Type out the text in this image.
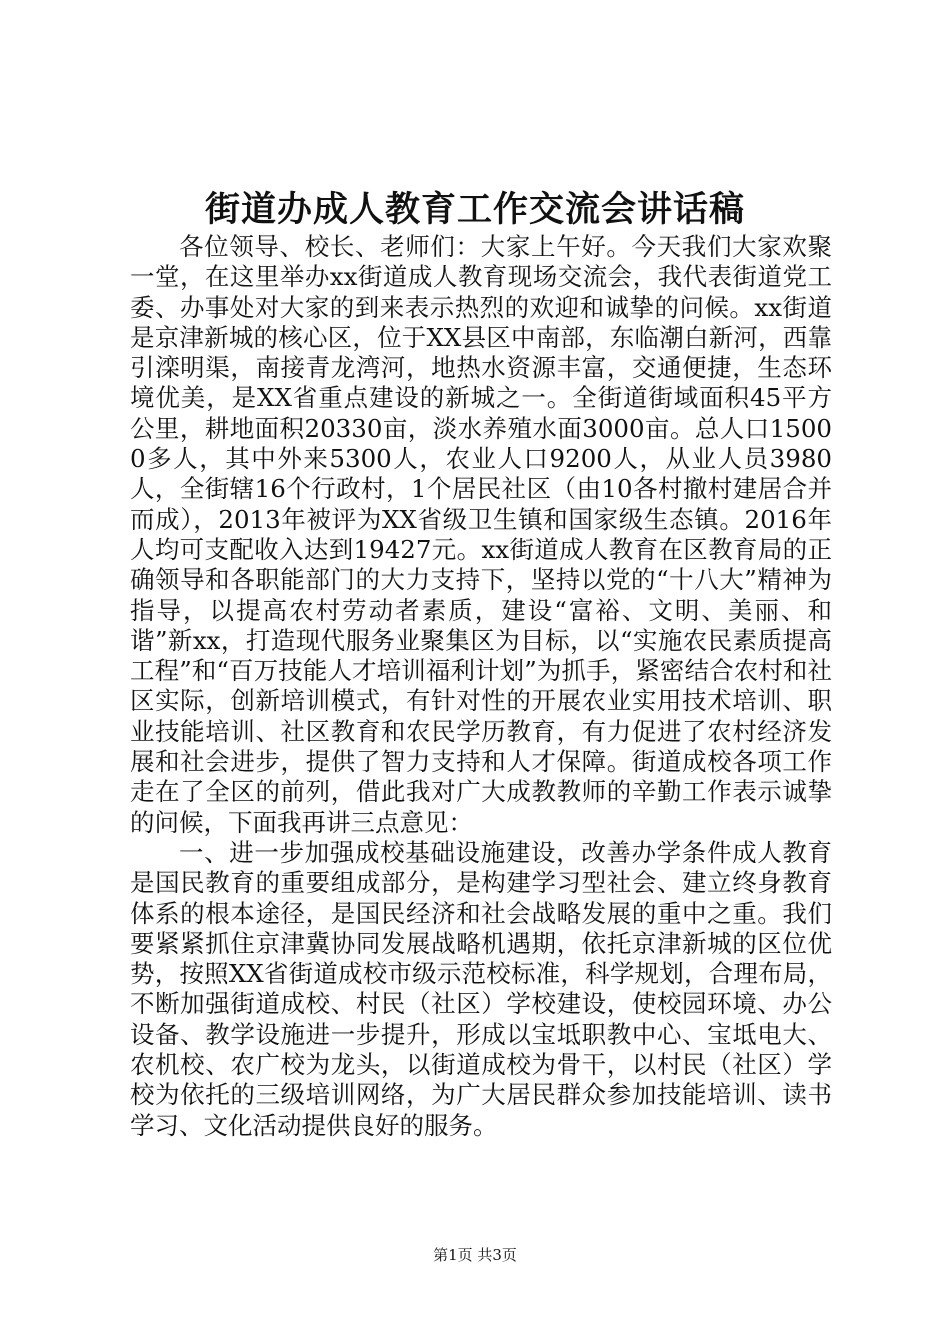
街道办成人教育工作交流会讲话稿

各位领导、校长、老师们：大家上午好。今天我们大家欢聚一堂，在这里举办xx街道成人教育现场交流会，我代表街道党工委、办事处对大家的到来表示热烈的欢迎和诚挚的问候。xx街道是京津新城的核心区，位于XX县区中南部，东临潮白新河，西靠引滦明渠，南接青龙湾河，地热水资源丰富，交通便捷，生态环境优美，是XX省重点建设的新城之一。全街道街域面积45平方公里，耕地面积20330亩，淡水养殖水面3000亩。总人口15000多人，其中外来5300人，农业人口9200人，从业人员3980人，全街辖16个行政村，1个居民社区（由10各村撤村建居合并而成），2013年被评为XX省级卫生镇和国家级生态镇。2016年人均可支配收入达到19427元。xx街道成人教育在区教育局的正确领导和各职能部门的大力支持下，坚持以党的“十八大”精神为指导，以提高农村劳动者素质，建设“富裕、文明、美丽、和谐”新xx，打造现代服务业聚集区为目标，以“实施农民素质提高工程”和“百万技能人才培训福利计划”为抓手，紧密结合农村和社区实际，创新培训模式，有针对性的开展农业实用技术培训、职业技能培训、社区教育和农民学历教育，有力促进了农村经济发展和社会进步，提供了智力支持和人才保障。街道成校各项工作走在了全区的前列，借此我对广大成教教师的辛勤工作表示诚挚的问候，下面我再讲三点意见：

一、进一步加强成校基础设施建设，改善办学条件成人教育是国民教育的重要组成部分，是构建学习型社会、建立终身教育体系的根本途径，是国民经济和社会战略发展的重中之重。我们要紧紧抓住京津冀协同发展战略机遇期，依托京津新城的区位优势，按照XX省街道成校市级示范校标准，科学规划，合理布局，不断加强街道成校、村民（社区）学校建设，使校园环境、办公设备、教学设施进一步提升，形成以宝坻职教中心、宝坻电大、农机校、农广校为龙头，以街道成校为骨干，以村民（社区）学校为依托的三级培训网络，为广大居民群众参加技能培训、读书学习、文化活动提供良好的服务。

第1页 共3页
